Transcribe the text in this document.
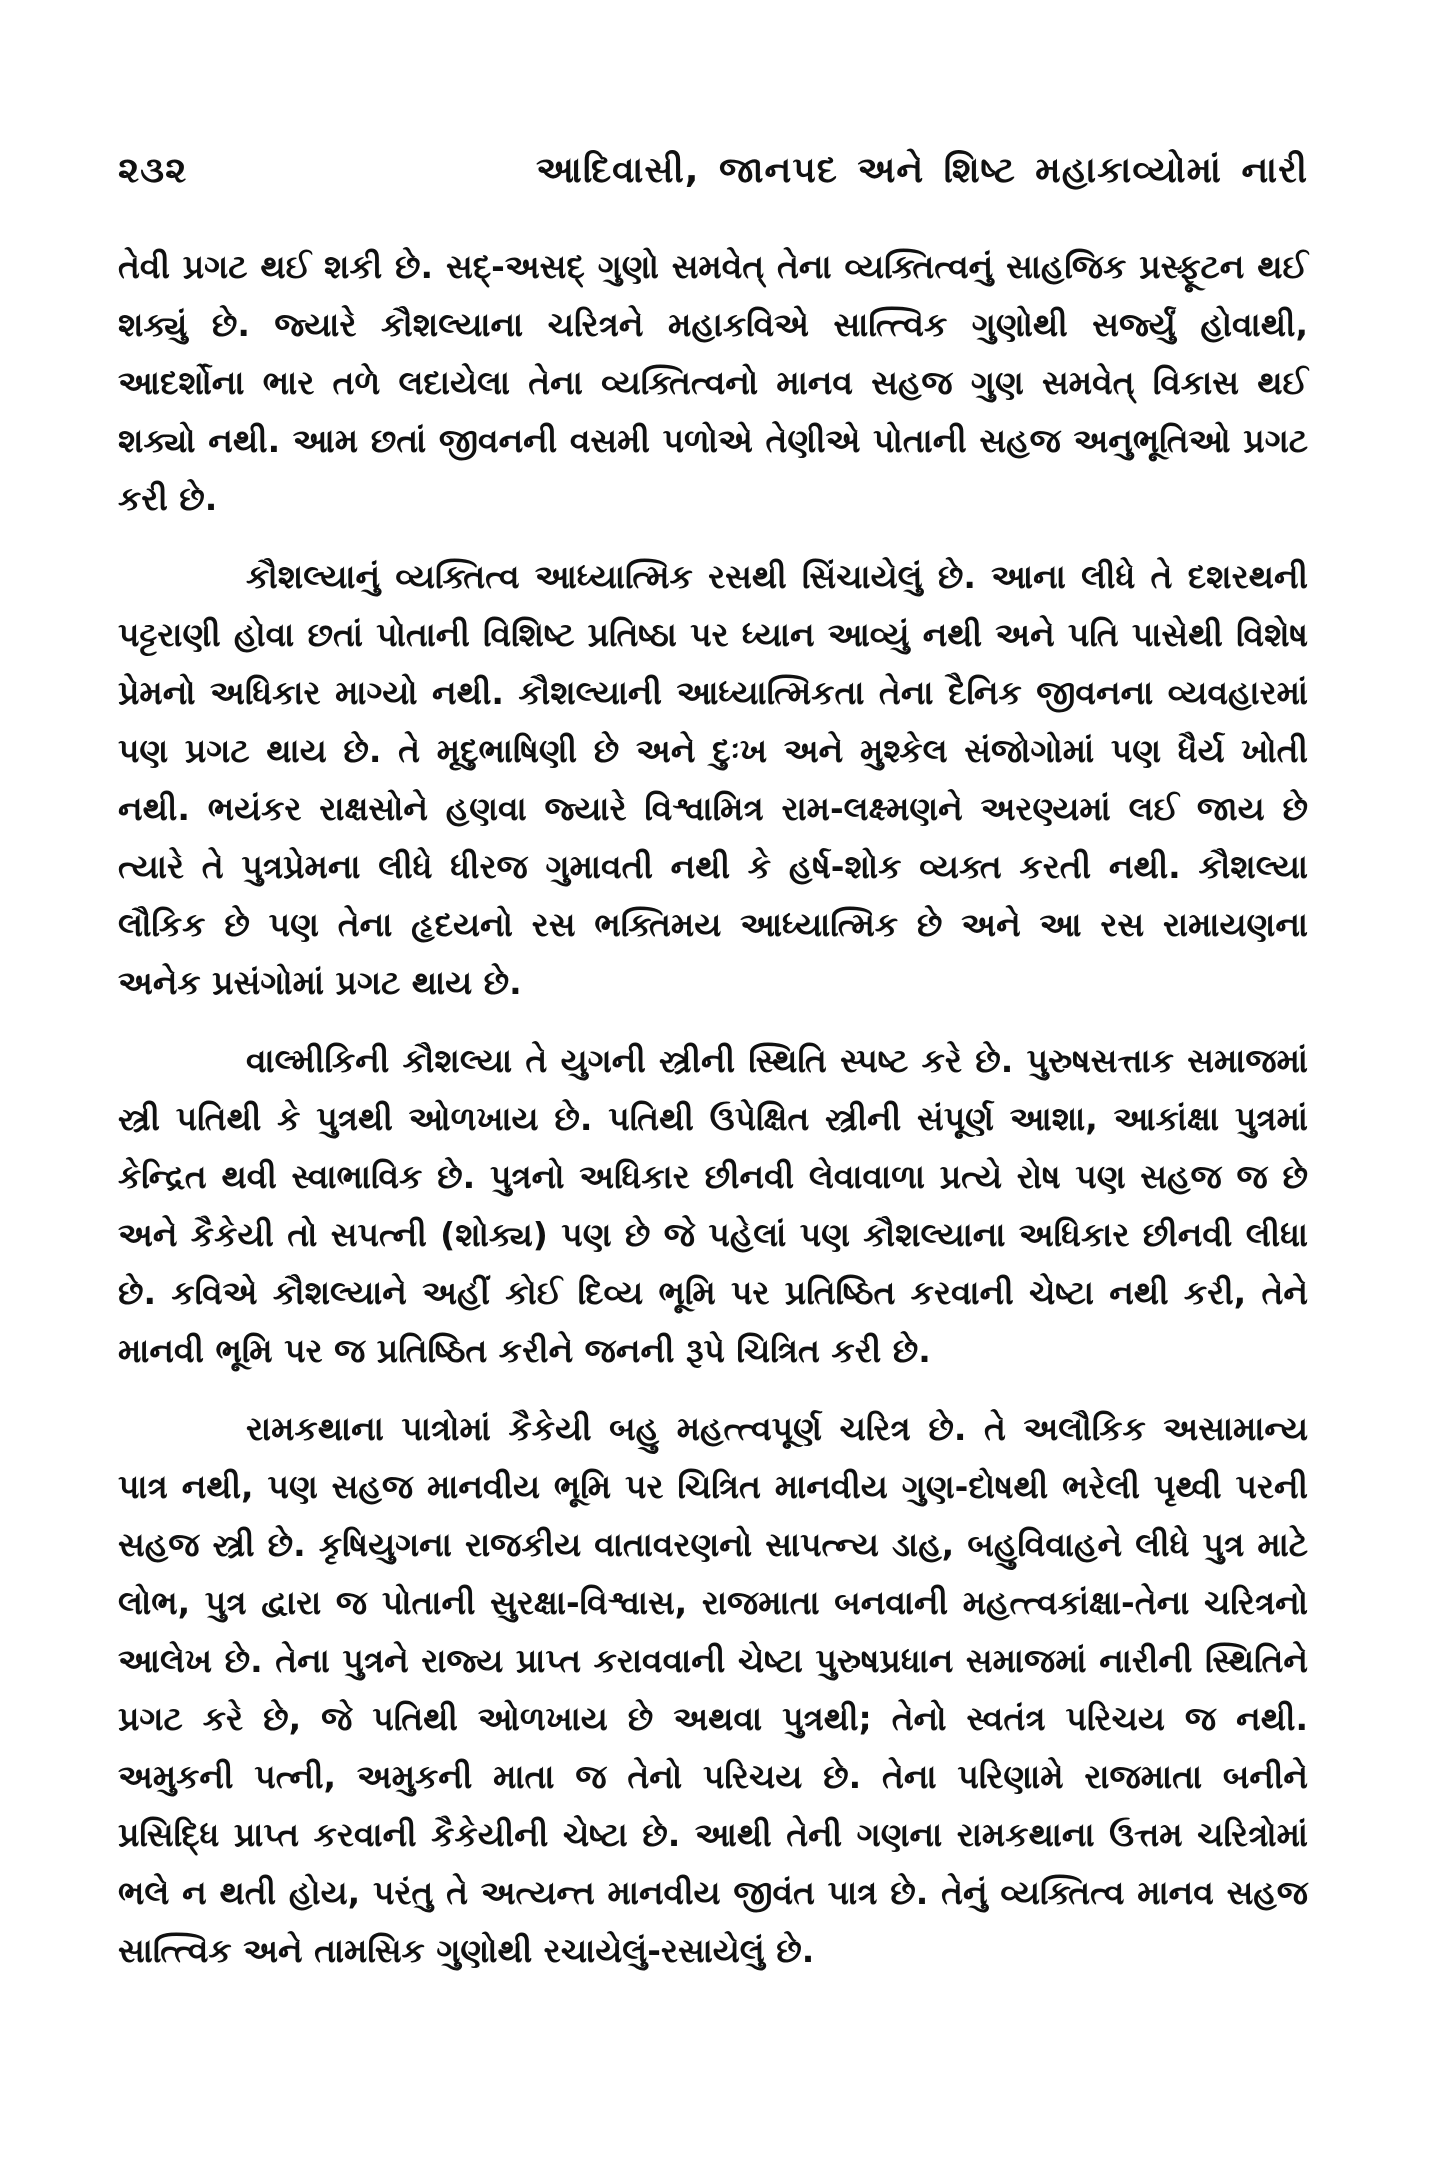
૨૩૨	આદિવાસી, જાનપદ અને શિષ્ટ મહાકાવ્યોમાં નારી

તેવી પ્રગટ થઈ શકી છે. સદ્-અસદ્ ગુણો સમવેત્ તેના વ્યક્તિત્વનું સાહજિક પ્રસ્ફૂટન થઈ શક્યું છે. જ્યારે કૌશલ્યાના ચરિત્રને મહાકવિએ સાત્ત્વિક ગુણોથી સર્જ્યું હોવાથી, આદર્શોના ભાર તળે લદાયેલા તેના વ્યક્તિત્વનો માનવ સહજ ગુણ સમવેત્ વિકાસ થઈ શક્યો નથી. આમ છતાં જીવનની વસમી પળોએ તેણીએ પોતાની સહજ અનુભૂતિઓ પ્રગટ કરી છે.

કૌશલ્યાનું વ્યક્તિત્વ આધ્યાત્મિક રસથી સિંચાયેલું છે. આના લીધે તે દશરથની પટ્ટરાણી હોવા છતાં પોતાની વિશિષ્ટ પ્રતિષ્ઠા પર ધ્યાન આવ્યું નથી અને પતિ પાસેથી વિશેષ પ્રેમનો અધિકાર માગ્યો નથી. કૌશલ્યાની આધ્યાત્મિકતા તેના દૈનિક જીવનના વ્યવહારમાં પણ પ્રગટ થાય છે. તે મૃદુભાષિણી છે અને દુઃખ અને મુશ્કેલ સંજોગોમાં પણ ધૈર્ય ખોતી નથી. ભયંકર રાક્ષસોને હણવા જ્યારે વિશ્વામિત્ર રામ-લક્ષ્મણને અરણ્યમાં લઈ જાય છે ત્યારે તે પુત્રપ્રેમના લીધે ધીરજ ગુમાવતી નથી કે હર્ષ-શોક વ્યક્ત કરતી નથી. કૌશલ્યા લૌકિક છે પણ તેના હૃદયનો રસ ભક્તિમય આધ્યાત્મિક છે અને આ રસ રામાયણના અનેક પ્રસંગોમાં પ્રગટ થાય છે.

વાલ્મીકિની કૌશલ્યા તે યુગની સ્ત્રીની સ્થિતિ સ્પષ્ટ કરે છે. પુરુષસત્તાક સમાજમાં સ્ત્રી પતિથી કે પુત્રથી ઓળખાય છે. પતિથી ઉપેક્ષિત સ્ત્રીની સંપૂર્ણ આશા, આકાંક્ષા પુત્રમાં કેન્દ્રિત થવી સ્વાભાવિક છે. પુત્રનો અધિકાર છીનવી લેવાવાળા પ્રત્યે રોષ પણ સહજ જ છે અને કૈકેયી તો સપત્ની (શોક્ય) પણ છે જે પહેલાં પણ કૌશલ્યાના અધિકાર છીનવી લીધા છે. કવિએ કૌશલ્યાને અહીં કોઈ દિવ્ય ભૂમિ પર પ્રતિષ્ઠિત કરવાની ચેષ્ટા નથી કરી, તેને માનવી ભૂમિ પર જ પ્રતિષ્ઠિત કરીને જનની રૂપે ચિત્રિત કરી છે.

રામકથાના પાત્રોમાં કૈકેયી બહુ મહત્ત્વપૂર્ણ ચરિત્ર છે. તે અલૌકિક અસામાન્ય પાત્ર નથી, પણ સહજ માનવીય ભૂમિ પર ચિત્રિત માનવીય ગુણ-દોષથી ભરેલી પૃથ્વી પરની સહજ સ્ત્રી છે. કૃષિયુગના રાજકીય વાતાવરણનો સાપત્ન્ય ડાહ, બહુવિવાહને લીધે પુત્ર માટે લોભ, પુત્ર દ્વારા જ પોતાની સુરક્ષા-વિશ્વાસ, રાજમાતા બનવાની મહત્ત્વકાંક્ષા-તેના ચરિત્રનો આલેખ છે. તેના પુત્રને રાજ્ય પ્રાપ્ત કરાવવાની ચેષ્ટા પુરુષપ્રધાન સમાજમાં નારીની સ્થિતિને પ્રગટ કરે છે, જે પતિથી ઓળખાય છે અથવા પુત્રથી; તેનો સ્વતંત્ર પરિચય જ નથી. અમુકની પત્ની, અમુકની માતા જ તેનો પરિચય છે. તેના પરિણામે રાજમાતા બનીને પ્રસિદ્ધિ પ્રાપ્ત કરવાની કૈકેયીની ચેષ્ટા છે. આથી તેની ગણના રામકથાના ઉત્તમ ચરિત્રોમાં ભલે ન થતી હોય, પરંતુ તે અત્યન્ત માનવીય જીવંત પાત્ર છે. તેનું વ્યક્તિત્વ માનવ સહજ સાત્ત્વિક અને તામસિક ગુણોથી રચાયેલું-રસાયેલું છે.
